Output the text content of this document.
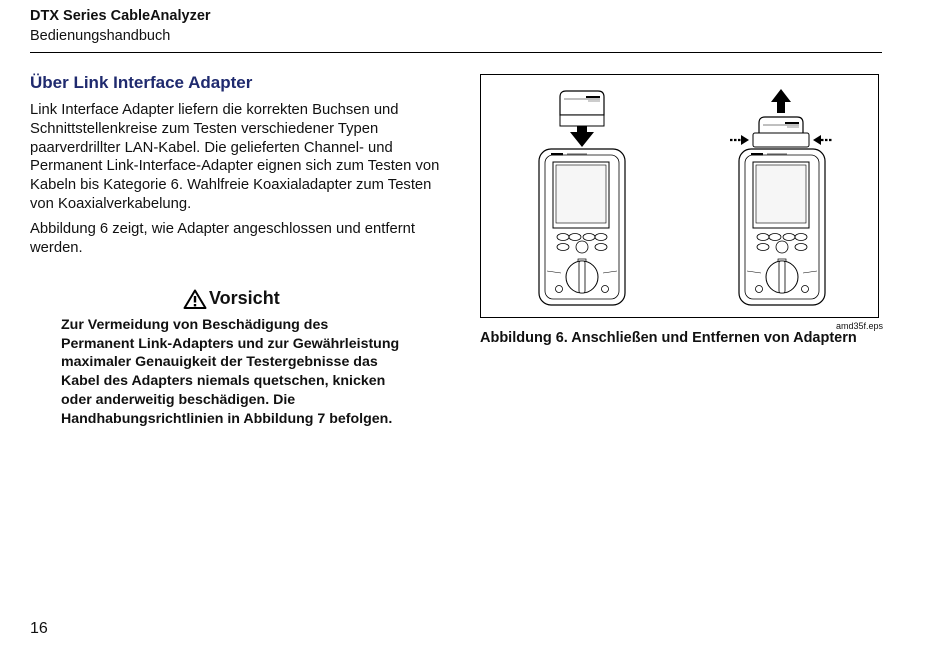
DTX Series CableAnalyzer
Bedienungshandbuch
Über Link Interface Adapter

Link Interface Adapter liefern die korrekten Buchsen und Schnittstellenkreise zum Testen verschiedener Typen paarverdrillter LAN-Kabel. Die gelieferten Channel- und Permanent Link-Interface-Adapter eignen sich zum Testen von Kabeln bis Kategorie 6. Wahlfreie Koaxialadapter zum Testen von Koaxialverkabelung.

Abbildung 6 zeigt, wie Adapter angeschlossen und entfernt werden.

Vorsicht

Zur Vermeidung von Beschädigung des Permanent Link-Adapters und zur Gewährleistung maximaler Genauigkeit der Testergebnisse das Kabel des Adapters niemals quetschen, knicken oder anderweitig beschädigen. Die Handhabungsrichtlinien in Abbildung 7 befolgen.

amd35f.eps
Abbildung 6. Anschließen und Entfernen von Adaptern
16
